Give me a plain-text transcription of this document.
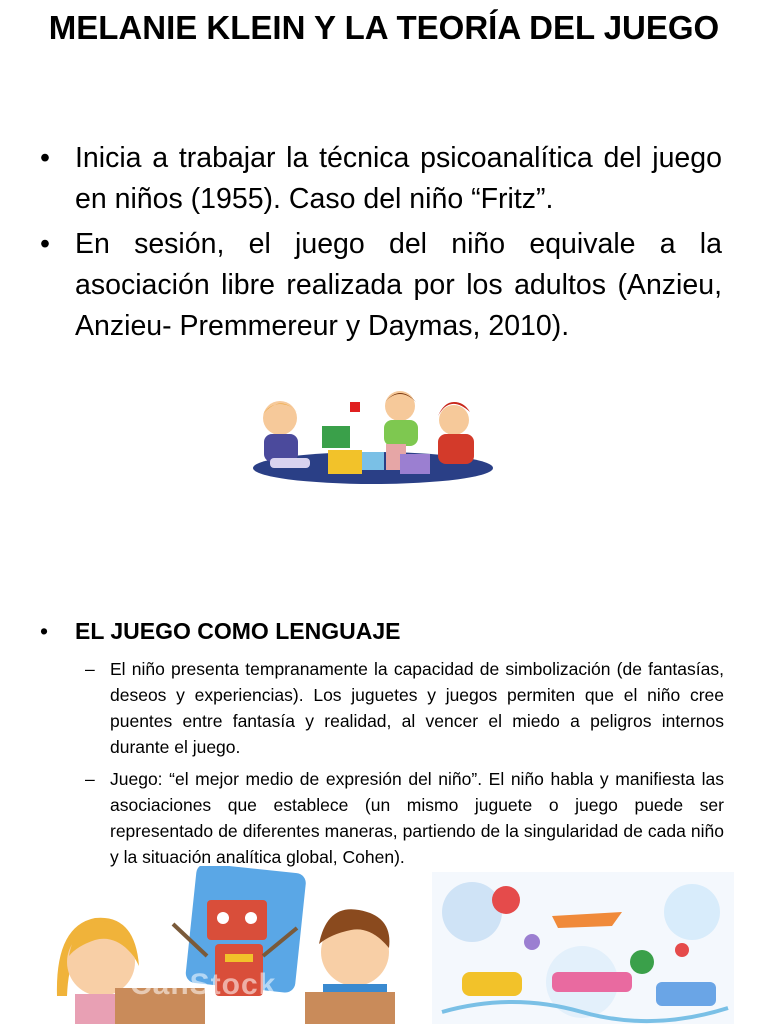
MELANIE KLEIN Y LA TEORÍA DEL JUEGO
• Inicia a trabajar la técnica psicoanalítica del juego en niños (1955). Caso del niño “Fritz”.
• En sesión, el juego del niño equivale a la asociación libre realizada por los adultos (Anzieu, Anzieu- Premmereur y Daymas, 2010).
• EL JUEGO COMO LENGUAJE
– El niño presenta tempranamente la capacidad de simbolización (de fantasías, deseos y experiencias). Los juguetes y juegos permiten que el niño cree puentes entre fantasía y realidad, al vencer el miedo a peligros internos durante el juego.
– Juego: “el mejor medio de expresión del niño”. El niño habla y manifiesta las asociaciones que establece (un mismo juguete o juego puede ser representado de diferentes maneras, partiendo de la singularidad de cada niño y la situación analítica global, Cohen).
CanStock
